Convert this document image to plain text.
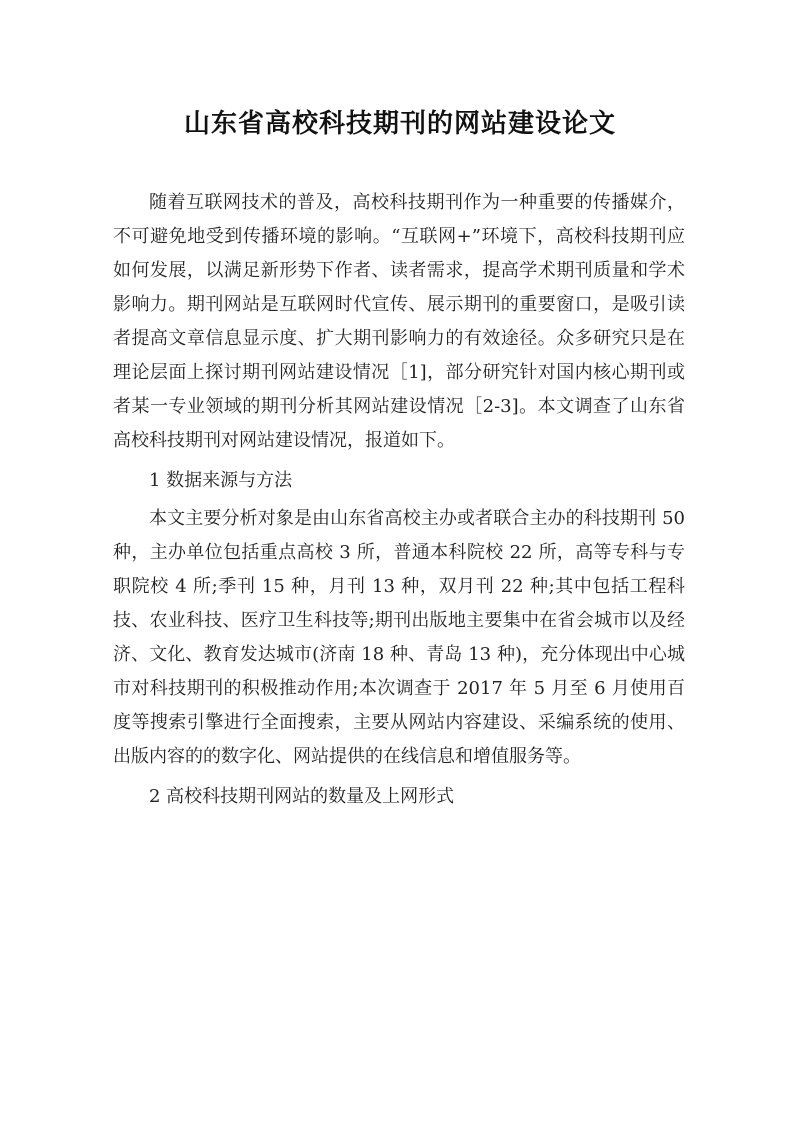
山东省高校科技期刊的网站建设论文

随着互联网技术的普及，高校科技期刊作为一种重要的传播媒介，不可避免地受到传播环境的影响。“互联网+”环境下，高校科技期刊应如何发展，以满足新形势下作者、读者需求，提高学术期刊质量和学术影响力。期刊网站是互联网时代宣传、展示期刊的重要窗口，是吸引读者提高文章信息显示度、扩大期刊影响力的有效途径。众多研究只是在理论层面上探讨期刊网站建设情况［1]，部分研究针对国内核心期刊或者某一专业领域的期刊分析其网站建设情况［2-3]。本文调查了山东省高校科技期刊对网站建设情况，报道如下。

1 数据来源与方法

本文主要分析对象是由山东省高校主办或者联合主办的科技期刊 50 种，主办单位包括重点高校 3 所，普通本科院校 22 所，高等专科与专职院校 4 所;季刊 15 种，月刊 13 种，双月刊 22 种;其中包括工程科技、农业科技、医疗卫生科技等;期刊出版地主要集中在省会城市以及经济、文化、教育发达城市(济南 18 种、青岛 13 种)，充分体现出中心城市对科技期刊的积极推动作用;本次调查于 2017 年 5 月至 6 月使用百度等搜索引擎进行全面搜索，主要从网站内容建设、采编系统的使用、出版内容的的数字化、网站提供的在线信息和增值服务等。

2 高校科技期刊网站的数量及上网形式
